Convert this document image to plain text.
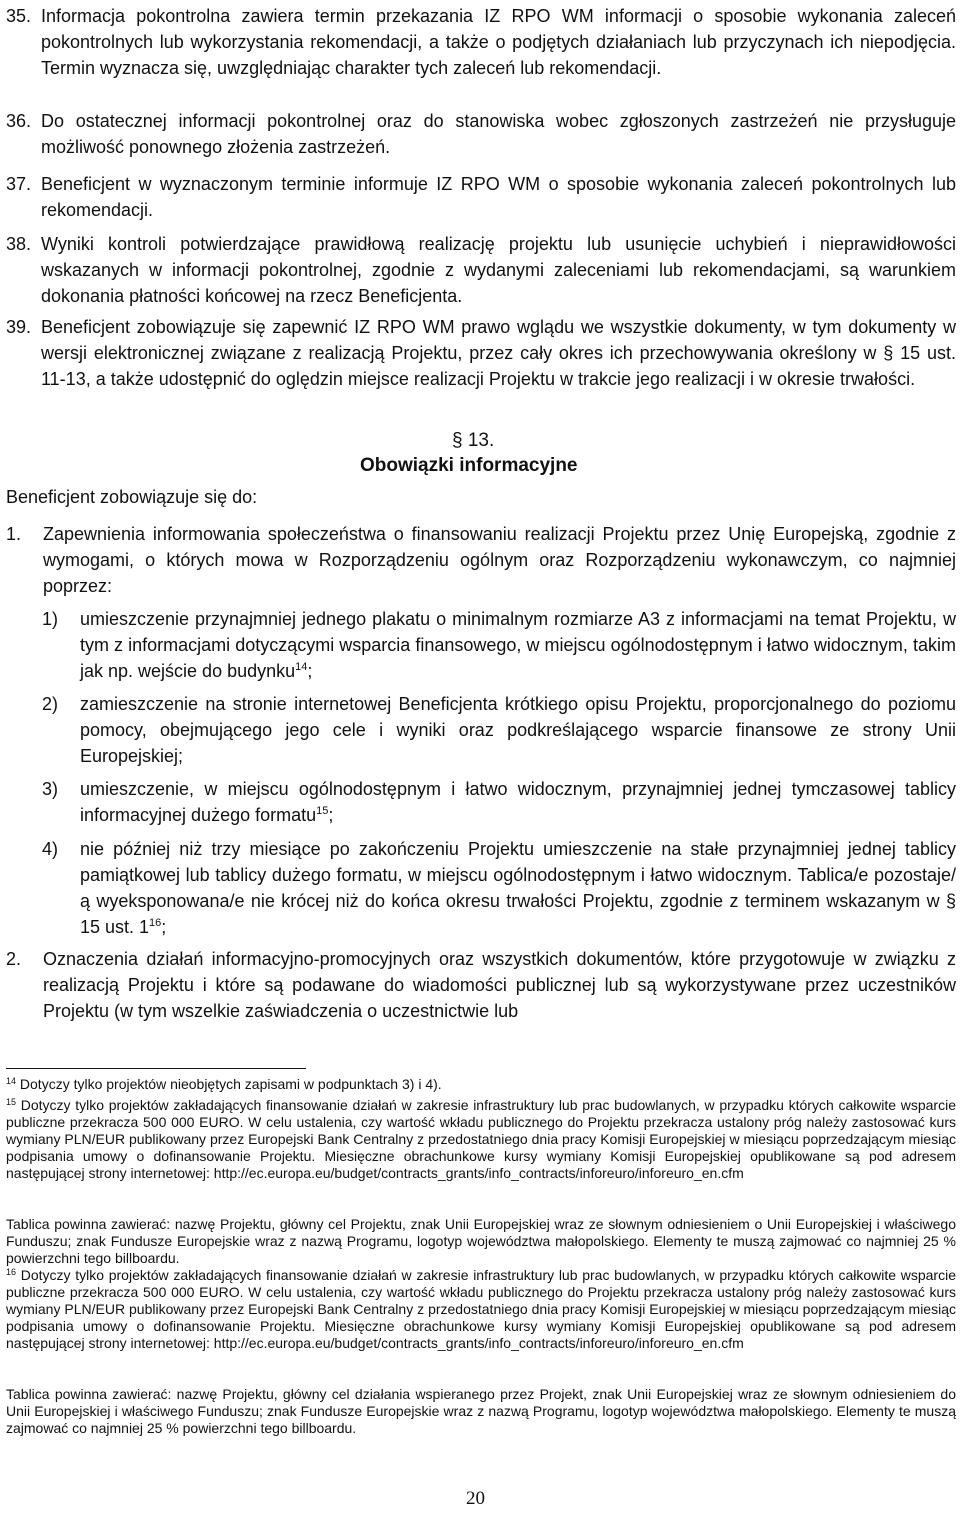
35. Informacja pokontrolna zawiera termin przekazania IZ RPO WM informacji o sposobie wykonania zaleceń pokontrolnych lub wykorzystania rekomendacji, a także o podjętych działaniach lub przyczynach ich niepodjęcia. Termin wyznacza się, uwzględniając charakter tych zaleceń lub rekomendacji.

36. Do ostatecznej informacji pokontrolnej oraz do stanowiska wobec zgłoszonych zastrzeżeń nie przysługuje możliwość ponownego złożenia zastrzeżeń.

37. Beneficjent w wyznaczonym terminie informuje IZ RPO WM o sposobie wykonania zaleceń pokontrolnych lub rekomendacji.

38. Wyniki kontroli potwierdzające prawidłową realizację projektu lub usunięcie uchybień i nieprawidłowości wskazanych w informacji pokontrolnej, zgodnie z wydanymi zaleceniami lub rekomendacjami, są warunkiem dokonania płatności końcowej na rzecz Beneficjenta.

39. Beneficjent zobowiązuje się zapewnić IZ RPO WM prawo wglądu we wszystkie dokumenty, w tym dokumenty w wersji elektronicznej związane z realizacją Projektu, przez cały okres ich przechowywania określony w § 15 ust. 11-13, a także udostępnić do oględzin miejsce realizacji Projektu w trakcie jego realizacji i w okresie trwałości.

§ 13.
Obowiązki informacyjne
Beneficjent zobowiązuje się do:

1.	Zapewnienia informowania społeczeństwa o finansowaniu realizacji Projektu przez Unię Europejską, zgodnie z wymogami, o których mowa w Rozporządzeniu ogólnym oraz Rozporządzeniu wykonawczym, co najmniej poprzez:

1)	umieszczenie przynajmniej jednego plakatu o minimalnym rozmiarze A3 z informacjami na temat Projektu, w tym z informacjami dotyczącymi wsparcia finansowego, w miejscu ogólnodostępnym i łatwo widocznym, takim jak np. wejście do budynku$^{14}$;

2)	zamieszczenie na stronie internetowej Beneficjenta krótkiego opisu Projektu, proporcjonalnego do poziomu pomocy, obejmującego jego cele i wyniki oraz podkreślającego wsparcie finansowe ze strony Unii Europejskiej;

3)	umieszczenie, w miejscu ogólnodostępnym i łatwo widocznym, przynajmniej jednej tymczasowej tablicy informacyjnej dużego formatu$^{15}$;

4)	nie później niż trzy miesiące po zakończeniu Projektu umieszczenie na stałe przynajmniej jednej tablicy pamiątkowej lub tablicy dużego formatu, w miejscu ogólnodostępnym i łatwo widocznym. Tablica/e pozostaje/ą wyeksponowana/e nie krócej niż do końca okresu trwałości Projektu, zgodnie z terminem wskazanym w § 15 ust. $1^{16}$;

2.	Oznaczenia działań informacyjno-promocyjnych oraz wszystkich dokumentów, które przygotowuje w związku z realizacją Projektu i które są podawane do wiadomości publicznej lub są wykorzystywane przez uczestników Projektu (w tym wszelkie zaświadczenia o uczestnictwie lub

$^{14}$ Dotyczy tylko projektów nieobjętych zapisami w podpunktach 3) i 4).

$^{15}$ Dotyczy tylko projektów zakładających finansowanie działań w zakresie infrastruktury lub prac budowlanych, w przypadku których całkowite wsparcie publiczne przekracza 500 000 EURO. W celu ustalenia, czy wartość wkładu publicznego do Projektu przekracza ustalony próg należy zastosować kurs wymiany PLN/EUR publikowany przez Europejski Bank Centralny z przedostatniego dnia pracy Komisji Europejskiej w miesiącu poprzedzającym miesiąc podpisania umowy o dofinansowanie Projektu. Miesięczne obrachunkowe kursy wymiany Komisji Europejskiej opublikowane są pod adresem następującej strony internetowej: http://ec.europa.eu/budget/contracts_grants/info_contracts/inforeuro/inforeuro_en.cfm

Tablica powinna zawierać: nazwę Projektu, główny cel Projektu, znak Unii Europejskiej wraz ze słownym odniesieniem o Unii Europejskiej i właściwego Funduszu; znak Fundusze Europejskie wraz z nazwą Programu, logotyp województwa małopolskiego. Elementy te muszą zajmować co najmniej 25 % powierzchni tego billboardu.

$^{16}$ Dotyczy tylko projektów zakładających finansowanie działań w zakresie infrastruktury lub prac budowlanych, w przypadku których całkowite wsparcie publiczne przekracza 500 000 EURO. W celu ustalenia, czy wartość wkładu publicznego do Projektu przekracza ustalony próg należy zastosować kurs wymiany PLN/EUR publikowany przez Europejski Bank Centralny z przedostatniego dnia pracy Komisji Europejskiej w miesiącu poprzedzającym miesiąc podpisania umowy o dofinansowanie Projektu. Miesięczne obrachunkowe kursy wymiany Komisji Europejskiej opublikowane są pod adresem następującej strony internetowej: http://ec.europa.eu/budget/contracts_grants/info_contracts/inforeuro/inforeuro_en.cfm

Tablica powinna zawierać: nazwę Projektu, główny cel działania wspieranego przez Projekt, znak Unii Europejskiej wraz ze słownym odniesieniem do Unii Europejskiej i właściwego Funduszu; znak Fundusze Europejskie wraz z nazwą Programu, logotyp województwa małopolskiego. Elementy te muszą zajmować co najmniej 25 % powierzchni tego billboardu.

20
